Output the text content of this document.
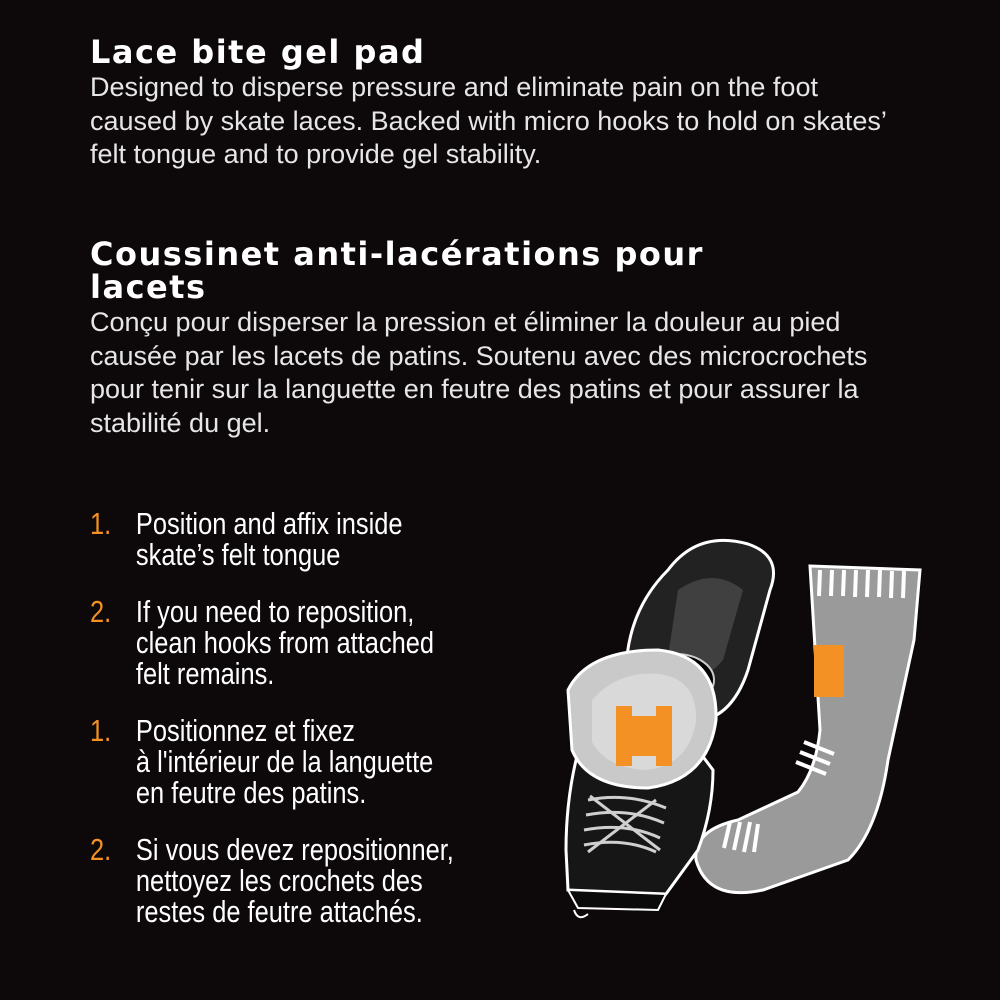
Lace bite gel pad

Designed to disperse pressure and eliminate pain on the foot caused by skate laces. Backed with micro hooks to hold on skates’ felt tongue and to provide gel stability.

Coussinet anti-lacérations pour lacets

Conçu pour disperser la pression et éliminer la douleur au pied causée par les lacets de patins. Soutenu avec des microcrochets pour tenir sur la languette en feutre des patins et pour assurer la stabilité du gel.

1. Position and affix inside
skate’s felt tongue
2. If you need to reposition,
clean hooks from attached
felt remains.
1. Positionnez et fixez
à l'intérieur de la languette
en feutre des patins.
2. Si vous devez repositionner,
nettoyez les crochets des
restes de feutre attachés.
